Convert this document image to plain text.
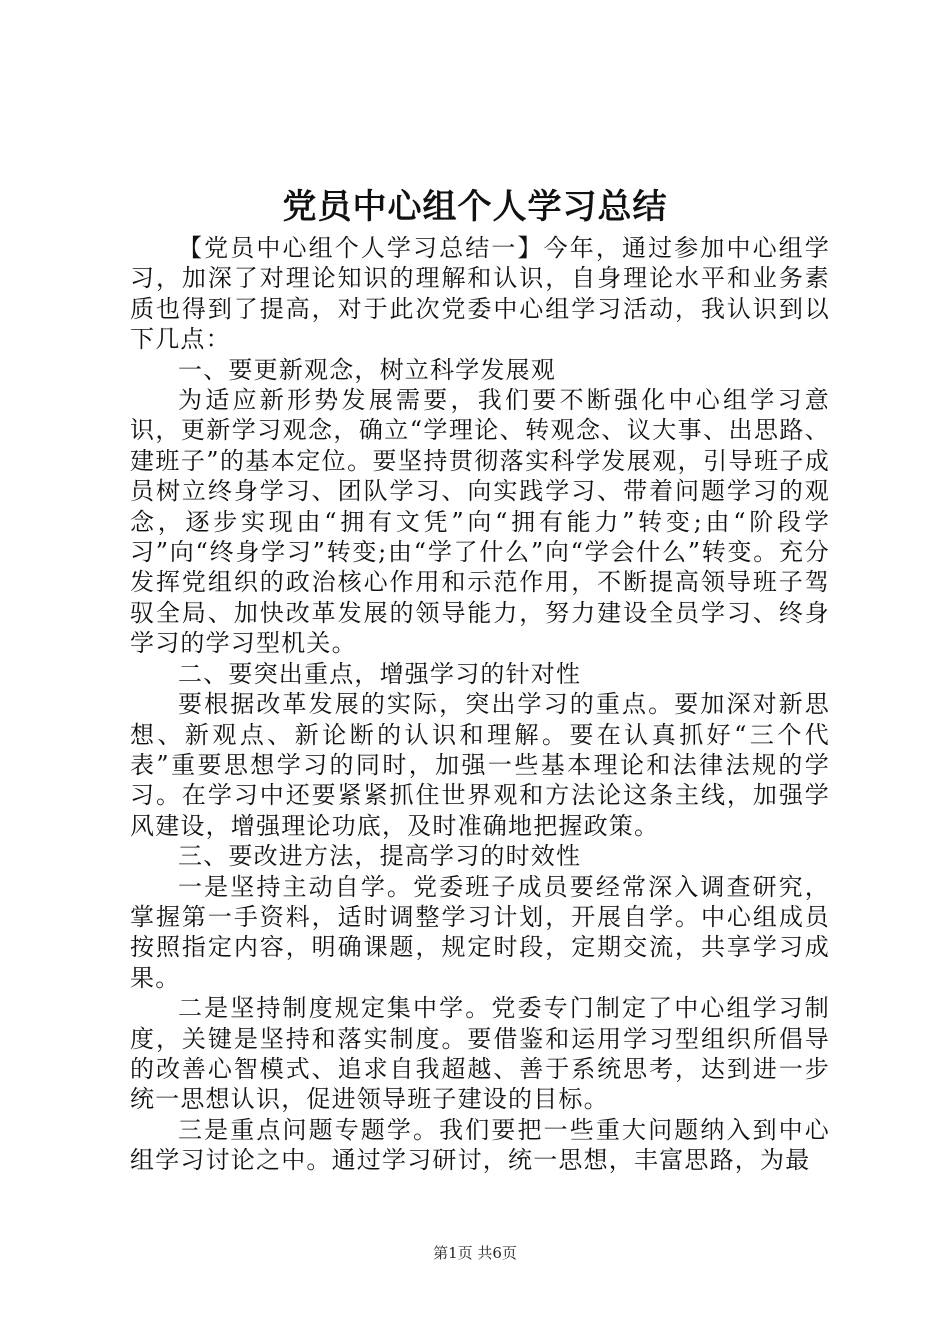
党员中心组个人学习总结

【党员中心组个人学习总结一】今年，通过参加中心组学习，加深了对理论知识的理解和认识，自身理论水平和业务素质也得到了提高，对于此次党委中心组学习活动，我认识到以下几点：

一、要更新观念，树立科学发展观

为适应新形势发展需要，我们要不断强化中心组学习意识，更新学习观念，确立“学理论、转观念、议大事、出思路、建班子”的基本定位。要坚持贯彻落实科学发展观，引导班子成员树立终身学习、团队学习、向实践学习、带着问题学习的观念，逐步实现由“拥有文凭”向“拥有能力”转变;由“阶段学习”向“终身学习”转变;由“学了什么”向“学会什么”转变。充分发挥党组织的政治核心作用和示范作用，不断提高领导班子驾驭全局、加快改革发展的领导能力，努力建设全员学习、终身学习的学习型机关。

二、要突出重点，增强学习的针对性

要根据改革发展的实际，突出学习的重点。要加深对新思想、新观点、新论断的认识和理解。要在认真抓好“三个代表”重要思想学习的同时，加强一些基本理论和法律法规的学习。在学习中还要紧紧抓住世界观和方法论这条主线，加强学风建设，增强理论功底，及时准确地把握政策。

三、要改进方法，提高学习的时效性

一是坚持主动自学。党委班子成员要经常深入调查研究，掌握第一手资料，适时调整学习计划，开展自学。中心组成员按照指定内容，明确课题，规定时段，定期交流，共享学习成果。

二是坚持制度规定集中学。党委专门制定了中心组学习制度，关键是坚持和落实制度。要借鉴和运用学习型组织所倡导的改善心智模式、追求自我超越、善于系统思考，达到进一步统一思想认识，促进领导班子建设的目标。

三是重点问题专题学。我们要把一些重大问题纳入到中心组学习讨论之中。通过学习研讨，统一思想，丰富思路，为最

第1页 共6页
